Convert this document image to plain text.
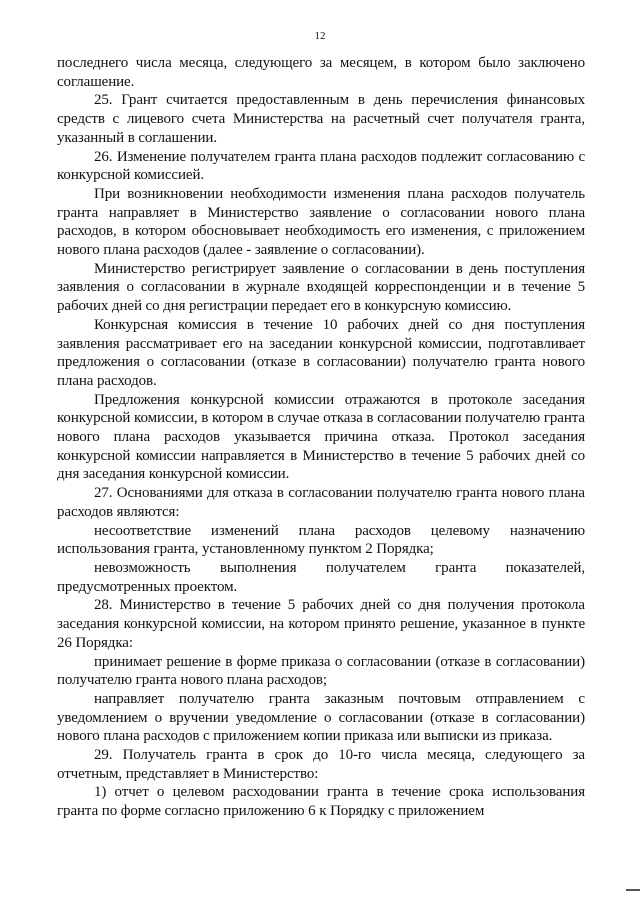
12

последнего числа месяца, следующего за месяцем, в котором было заключено соглашение.

25. Грант считается предоставленным в день перечисления финансовых средств с лицевого счета Министерства на расчетный счет получателя гранта, указанный в соглашении.

26. Изменение получателем гранта плана расходов подлежит согласованию с конкурсной комиссией.

При возникновении необходимости изменения плана расходов получатель гранта направляет в Министерство заявление о согласовании нового плана расходов, в котором обосновывает необходимость его изменения, с приложением нового плана расходов (далее - заявление о согласовании).

Министерство регистрирует заявление о согласовании в день поступления заявления о согласовании в журнале входящей корреспонденции и в течение 5 рабочих дней со дня регистрации передает его в конкурсную комиссию.

Конкурсная комиссия в течение 10 рабочих дней со дня поступления заявления рассматривает его на заседании конкурсной комиссии, подготавливает предложения о согласовании (отказе в согласовании) получателю гранта нового плана расходов.

Предложения конкурсной комиссии отражаются в протоколе заседания конкурсной комиссии, в котором в случае отказа в согласовании получателю гранта нового плана расходов указывается причина отказа. Протокол заседания конкурсной комиссии направляется в Министерство в течение 5 рабочих дней со дня заседания конкурсной комиссии.

27. Основаниями для отказа в согласовании получателю гранта нового плана расходов являются:

несоответствие изменений плана расходов целевому назначению использования гранта, установленному пунктом 2 Порядка;

невозможность выполнения получателем гранта показателей, предусмотренных проектом.

28. Министерство в течение 5 рабочих дней со дня получения протокола заседания конкурсной комиссии, на котором принято решение, указанное в пункте 26 Порядка:

принимает решение в форме приказа о согласовании (отказе в согласовании) получателю гранта нового плана расходов;

направляет получателю гранта заказным почтовым отправлением с уведомлением о вручении уведомление о согласовании (отказе в согласовании) нового плана расходов с приложением копии приказа или выписки из приказа.

29. Получатель гранта в срок до 10-го числа месяца, следующего за отчетным, представляет в Министерство:

1) отчет о целевом расходовании гранта в течение срока использования гранта по форме согласно приложению 6 к Порядку с приложением
